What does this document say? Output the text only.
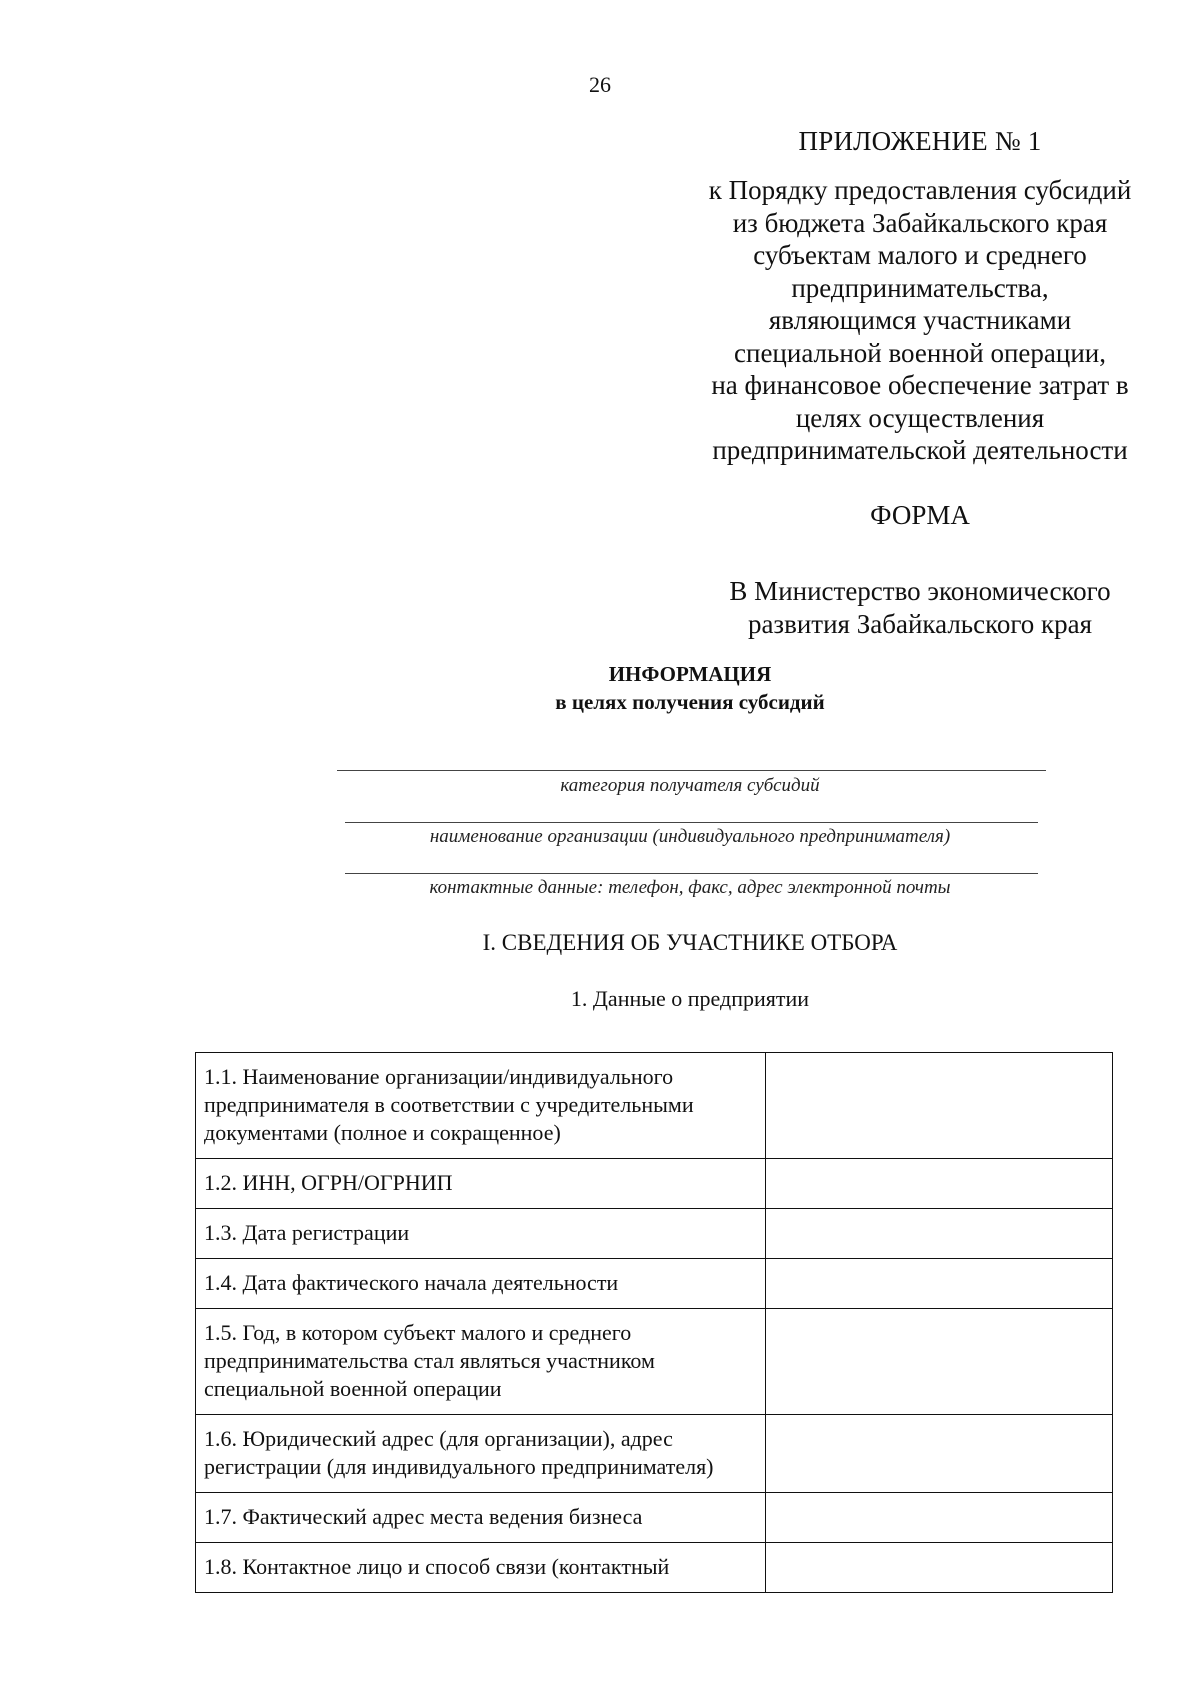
26
ПРИЛОЖЕНИЕ № 1
к Порядку предоставления субсидий
из бюджета Забайкальского края
субъектам малого и среднего
предпринимательства,
являющимся участниками
специальной военной операции,
на финансовое обеспечение затрат в
целях осуществления
предпринимательской деятельности
ФОРМА
В Министерство экономического
развития Забайкальского края
ИНФОРМАЦИЯ
в целях получения субсидий
категория получателя субсидий
наименование организации (индивидуального предпринимателя)
контактные данные: телефон, факс, адрес электронной почты
I. СВЕДЕНИЯ ОБ УЧАСТНИКЕ ОТБОРА
1. Данные о предприятии
1.1. Наименование организации/индивидуального предпринимателя в соответствии с учредительными документами (полное и сокращенное)	
1.2. ИНН, ОГРН/ОГРНИП	
1.3. Дата регистрации	
1.4. Дата фактического начала деятельности	
1.5. Год, в котором субъект малого и среднего предпринимательства стал являться участником специальной военной операции	
1.6. Юридический адрес (для организации), адрес регистрации (для индивидуального предпринимателя)	
1.7. Фактический адрес места ведения бизнеса	
1.8. Контактное лицо и способ связи (контактный	
